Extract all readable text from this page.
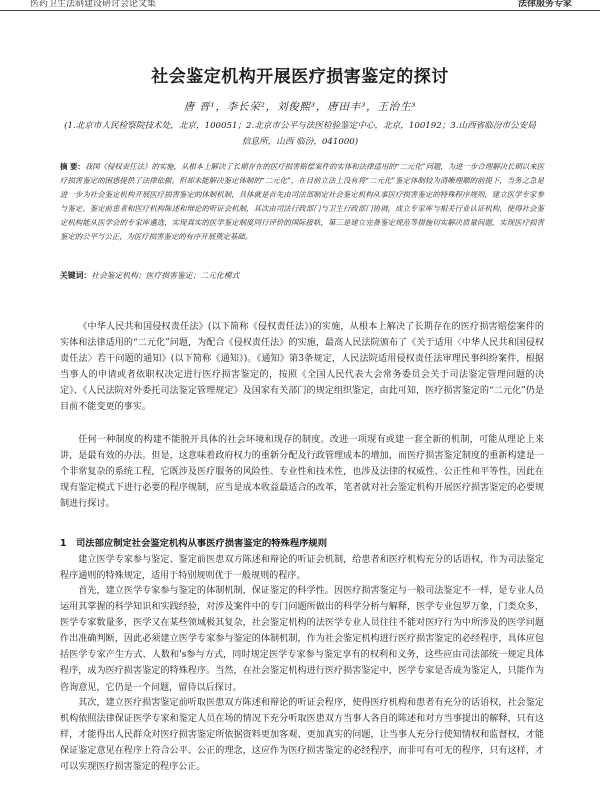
医药卫生法制建设研讨会论文集	法律服务专家
社会鉴定机构开展医疗损害鉴定的探讨
唐 晋¹，李长荣²，刘俊熙³，唐田丰³，王治生³
(1.北京市人民检察院技术处，北京，100051；2.北京市公平与法医检验鉴定中心，北京，100192；3.山西省临汾市公安局信息所，山西 临汾，041000)
摘 要：我国《侵权责任法》的实施，从根本上解决了长期存在的医疗损害赔偿案件的实体和法律适用的“二元化”问题，为进一步合理解决长期以来医疗损害鉴定的困惑提供了法律依据。但却未能解决鉴定体制的“二元化”，在目前立法上没有将“二元化”鉴定体制较为清晰理顺的前提下，当务之急是进一步为社会鉴定机构开展医疗损害鉴定的体制机制，具体就是首先由司法部制定社会鉴定机构从事医疗损害鉴定的特殊程序规则，建立医学专家参与鉴定、鉴定前患者和医疗机构陈述和辩论的听证会机制，其次由司法行政部门与卫生行政部门协调，成立专家库与相关行业认证机构，使得社会鉴定机构能从医学会的专家库遴选，实现真实的医学鉴定制度同行评价的国际接轨，第三是建立完备鉴定规范等措施切实解决质量问题，实现医疗损害鉴定的公平与公正，为医疗损害鉴定的有序开展奠定基础。
关键词：社会鉴定机构；医疗损害鉴定；二元化模式

《中华人民共和国侵权责任法》(以下简称《侵权责任法》)的实施，从根本上解决了长期存在的医疗损害赔偿案件的实体和法律适用的“二元化”问题，为配合《侵权责任法》的实施，最高人民法院颁布了《关于适用〈中华人民共和国侵权责任法〉若干问题的通知》(以下简称《通知》)。《通知》第3条规定，人民法院适用侵权责任法审理民事纠纷案件，根据当事人的申请或者依职权决定进行医疗损害鉴定的，按照《全国人民代表大会常务委员会关于司法鉴定管理问题的决定》、《人民法院对外委托司法鉴定管理规定》及国家有关部门的规定组织鉴定，由此可知，医疗损害鉴定的“二元化”仍是目前不能变更的事实。

任何一种制度的构建不能脱开具体的社会环境和现存的制度。改进一项现有或建一套全新的机制，可能从理论上来讲，是最有效的办法。但是，这意味着政府权力的重新分配及行政管理成本的增加，而医疗损害鉴定制度的重新构建是一个非常复杂的系统工程，它既涉及医疗服务的风险性、专业性和技术性，也涉及法律的权威性、公正性和平等性，因此在现有鉴定模式下进行必要的程序规制，应当是成本收益最适合的改革，笔者就对社会鉴定机构开展医疗损害鉴定的必要规制进行探讨。

1 司法部应制定社会鉴定机构从事医疗损害鉴定的特殊程序规则

建立医学专家参与鉴定、鉴定前医患双方陈述和辩论的听证会机制，给患者和医疗机构充分的话语权，作为司法鉴定程序通则的特殊规定，适用于特别规则优于一般规则的程序。

首先，建立医学专家参与鉴定的体制机制，保证鉴定的科学性。因医疗损害鉴定与一般司法鉴定不一样，是专业人员运用其掌握的科学知识和实践经验，对涉及案件中的专门问题所做出的科学分析与解释，医学专业包罗万象，门类众多，医学专家数量多，医学又在某些领域极其复杂，社会鉴定机构的法医学专业人员往往不能对医疗行为中所涉及的医学问题作出准确判断，因此必须建立医学专家参与鉴定的体制机制，作为社会鉴定机构进行医疗损害鉴定的必经程序，具体应包括医学专家产生方式、人数和's参与方式，同时规定医学专家参与鉴定享有的权利和义务，这些应由司法部统一规定具体程序，成为医疗损害鉴定的特殊程序。当然，在社会鉴定机构进行医疗损害鉴定中，医学专家是否成为鉴定人，只能作为咨询意见，它仍是一个问题，留待以后探讨。

其次，建立医疗损害鉴定前听取医患双方陈述和辩论的听证会程序，使得医疗机构和患者有充分的话语权，社会鉴定机构依照法律保证医学专家和鉴定人员在场的情况下充分听取医患双方当事人各自的陈述和对方当事提出的解释，只有这样，才能得出人民群众对医疗损害鉴定所依据资料更加客观、更加真实的问题，让当事人充分行使知情权和监督权，才能保证鉴定意见在程序上符合公平、公正的理念，这应作为医疗损害鉴定的必经程序，而非可有可无的程序，只有这样，才可以实现医疗损害鉴定的程序公正。
